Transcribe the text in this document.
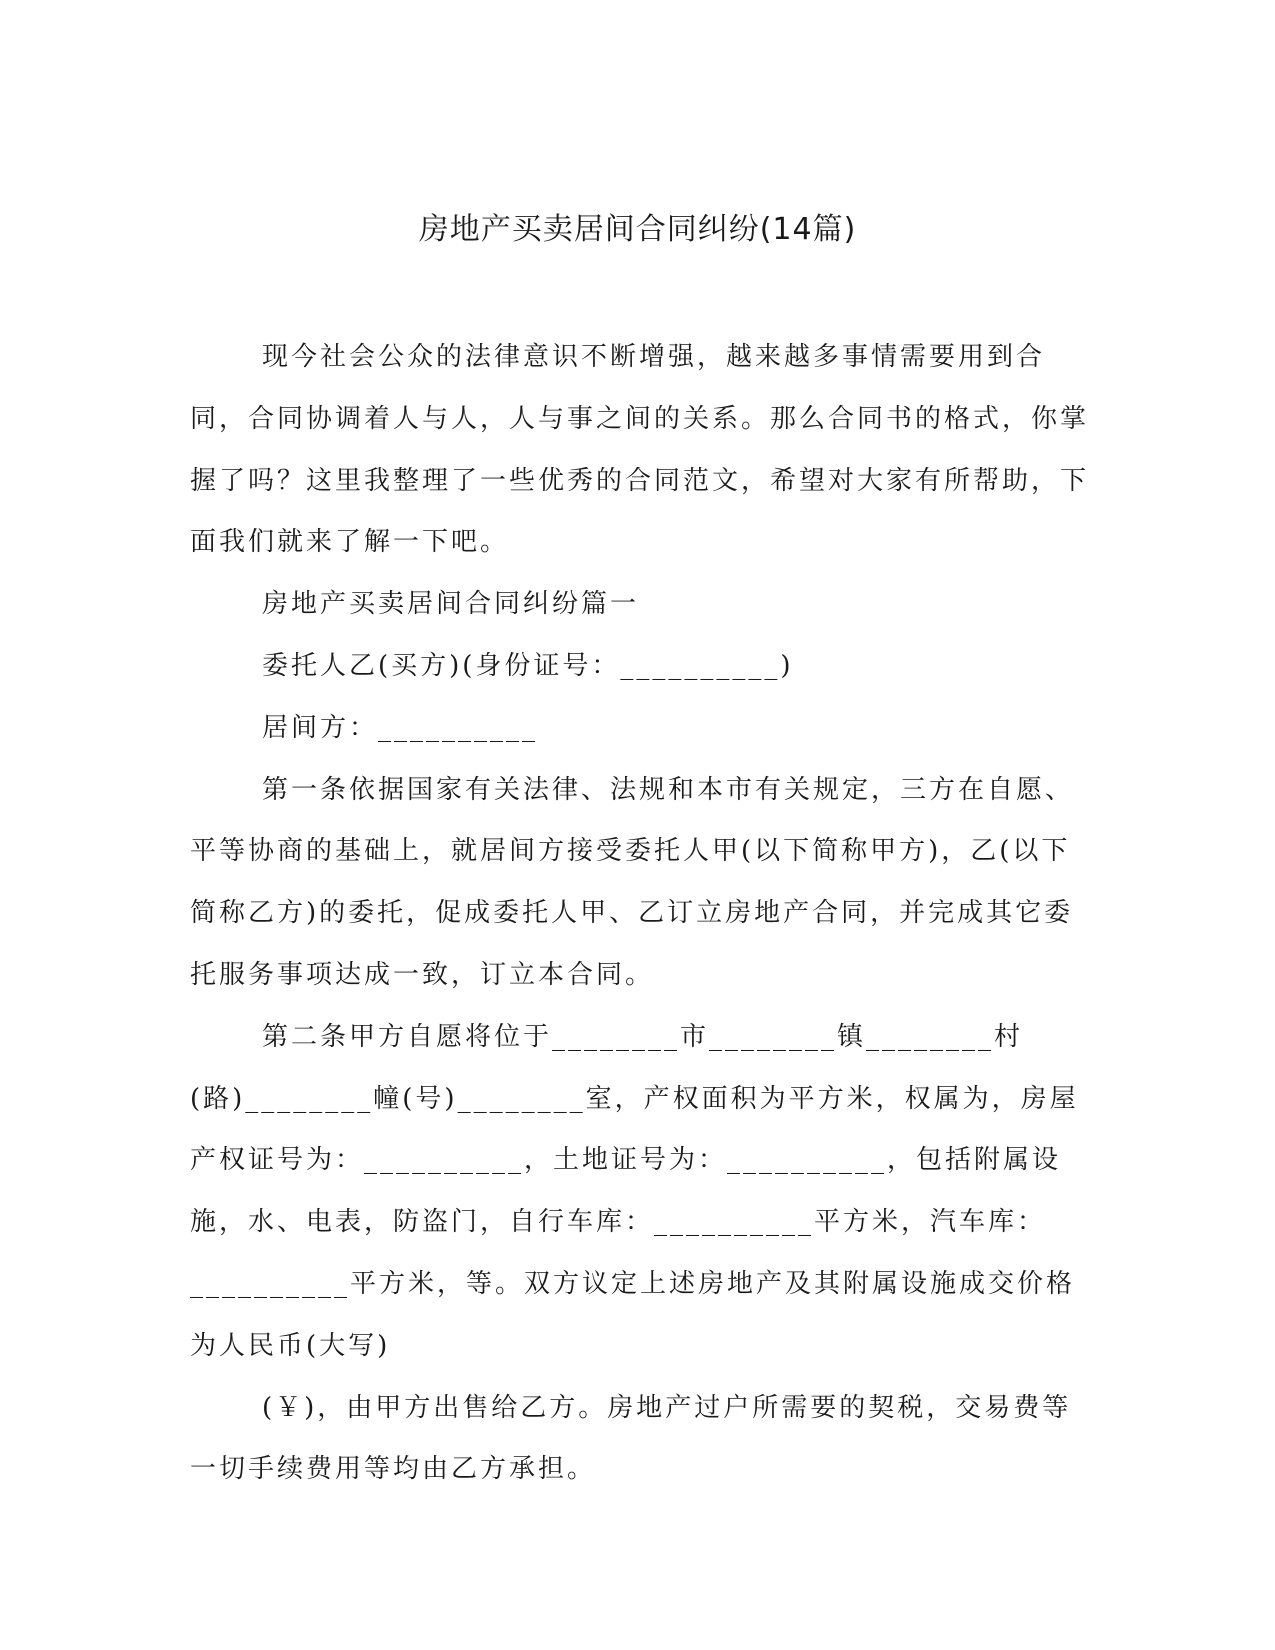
房地产买卖居间合同纠纷(14篇)

现今社会公众的法律意识不断增强，越来越多事情需要用到合同，合同协调着人与人，人与事之间的关系。那么合同书的格式，你掌握了吗？这里我整理了一些优秀的合同范文，希望对大家有所帮助，下面我们就来了解一下吧。

房地产买卖居间合同纠纷篇一

委托人乙(买方)(身份证号：__________)

居间方：__________

第一条依据国家有关法律、法规和本市有关规定，三方在自愿、平等协商的基础上，就居间方接受委托人甲(以下简称甲方)，乙(以下简称乙方)的委托，促成委托人甲、乙订立房地产合同，并完成其它委托服务事项达成一致，订立本合同。

第二条甲方自愿将位于________市________镇________村(路)________幢(号)________室，产权面积为平方米，权属为，房屋产权证号为：__________，土地证号为：__________，包括附属设施，水、电表，防盗门，自行车库：__________平方米，汽车库：__________平方米，等。双方议定上述房地产及其附属设施成交价格为人民币(大写)

(￥)，由甲方出售给乙方。房地产过户所需要的契税，交易费等一切手续费用等均由乙方承担。
